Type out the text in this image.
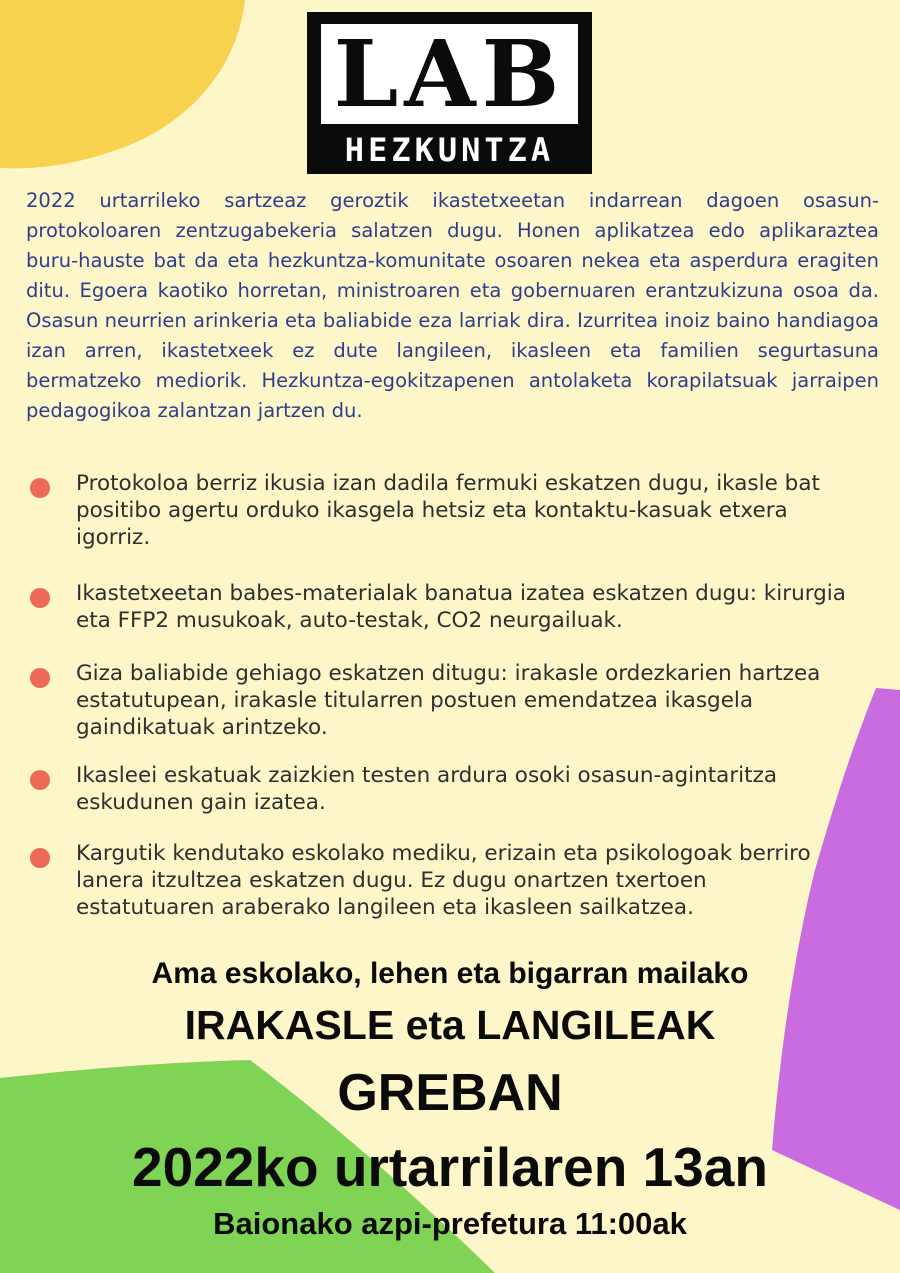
LAB
HEZKUNTZA

2022 urtarrileko sartzeaz geroztik ikastetxeetan indarrean dagoen osasun-protokoloaren zentzugabekeria salatzen dugu. Honen aplikatzea edo aplikaraztea buru-hauste bat da eta hezkuntza-komunitate osoaren nekea eta asperdura eragiten ditu. Egoera kaotiko horretan, ministroaren eta gobernuaren erantzukizuna osoa da. Osasun neurrien arinkeria eta baliabide eza larriak dira. Izurritea inoiz baino handiagoa izan arren, ikastetxeek ez dute langileen, ikasleen eta familien segurtasuna bermatzeko mediorik. Hezkuntza-egokitzapenen antolaketa korapilatsuak jarraipen pedagogikoa zalantzan jartzen du.

Protokoloa berriz ikusia izan dadila fermuki eskatzen dugu, ikasle bat positibo agertu orduko ikasgela hetsiz eta kontaktu-kasuak etxera igorriz.
Ikastetxeetan babes-materialak banatua izatea eskatzen dugu: kirurgia eta FFP2 musukoak, auto-testak, CO2 neurgailuak.
Giza baliabide gehiago eskatzen ditugu: irakasle ordezkarien hartzea estatutupean, irakasle titularren postuen emendatzea ikasgela gaindikatuak arintzeko.
Ikasleei eskatuak zaizkien testen ardura osoki osasun-agintaritza eskudunen gain izatea.
Kargutik kendutako eskolako mediku, erizain eta psikologoak berriro lanera itzultzea eskatzen dugu. Ez dugu onartzen txertoen estatutuaren araberako langileen eta ikasleen sailkatzea.
Ama eskolako, lehen eta bigarran mailako
IRAKASLE eta LANGILEAK
GREBAN
2022ko urtarrilaren 13an
Baionako azpi-prefetura 11:00ak
